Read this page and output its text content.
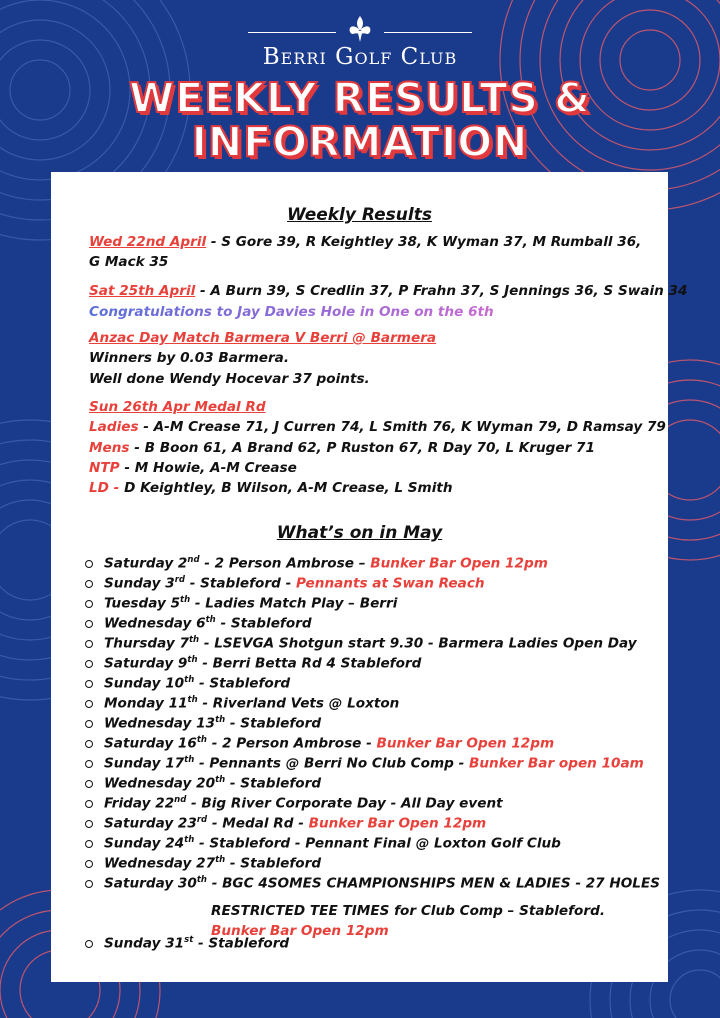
Berri Golf Club
WEEKLY RESULTS &
INFORMATION
Weekly Results
Wed 22nd April - S Gore 39, R Keightley 38, K Wyman 37, M Rumball 36,
G Mack 35
Sat 25th April - A Burn 39, S Credlin 37, P Frahn 37, S Jennings 36, S Swain 34
Congratulations to Jay Davies Hole in One on the 6th
Anzac Day Match Barmera V Berri @ Barmera
Winners by 0.03 Barmera.
Well done Wendy Hocevar 37 points.
Sun 26th Apr Medal Rd
Ladies - A-M Crease 71, J Curren 74, L Smith 76, K Wyman 79, D Ramsay 79
Mens - B Boon 61, A Brand 62, P Ruston 67, R Day 70, L Kruger 71
NTP - M Howie, A-M Crease
LD - D Keightley, B Wilson, A-M Crease, L Smith
What’s on in May
Saturday 2nd - 2 Person Ambrose – Bunker Bar Open 12pm
Sunday 3rd - Stableford - Pennants at Swan Reach
Tuesday 5th - Ladies Match Play – Berri
Wednesday 6th - Stableford
Thursday 7th - LSEVGA Shotgun start 9.30 - Barmera Ladies Open Day
Saturday 9th - Berri Betta Rd 4 Stableford
Sunday 10th - Stableford
Monday 11th - Riverland Vets @ Loxton
Wednesday 13th - Stableford
Saturday 16th - 2 Person Ambrose - Bunker Bar Open 12pm
Sunday 17th - Pennants @ Berri No Club Comp - Bunker Bar open 10am
Wednesday 20th - Stableford
Friday 22nd - Big River Corporate Day - All Day event
Saturday 23rd - Medal Rd - Bunker Bar Open 12pm
Sunday 24th - Stableford - Pennant Final @ Loxton Golf Club
Wednesday 27th - Stableford
Saturday 30th - BGC 4SOMES CHAMPIONSHIPS MEN & LADIES - 27 HOLES
Sunday 31st - Stableford
RESTRICTED TEE TIMES for Club Comp – Stableford.
Bunker Bar Open 12pm
